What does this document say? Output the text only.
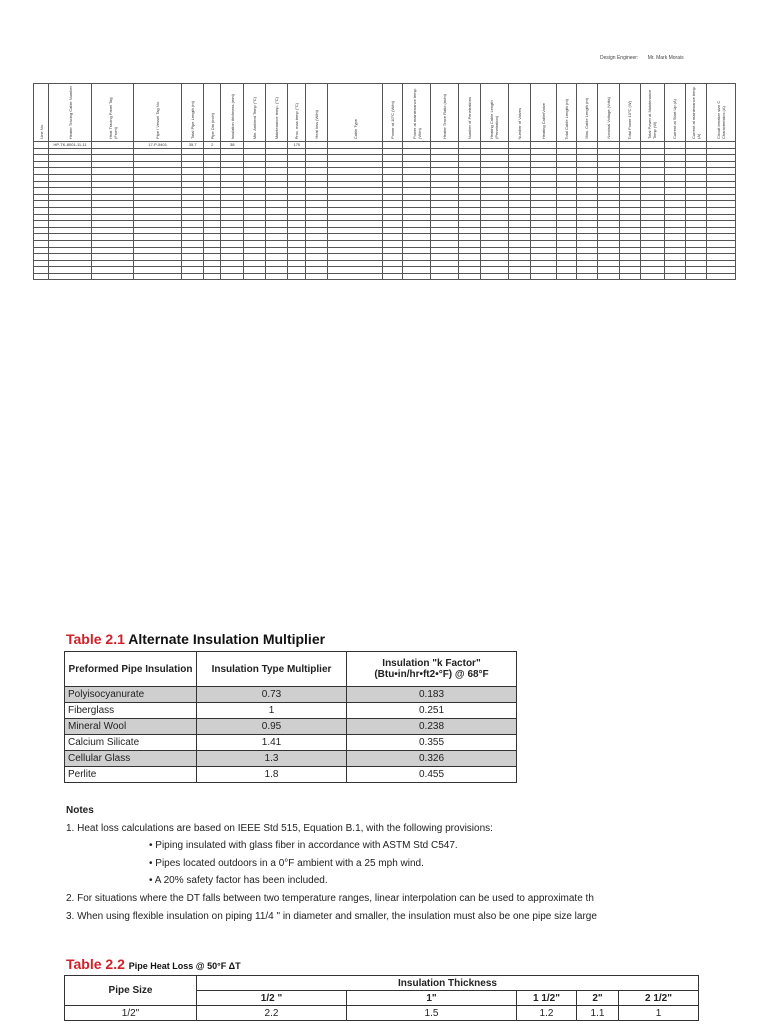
Design Engineer: Mr. Mark Morais
Line No.	Heater Tracing Cable Number	Heat Tracing Panel Tag (From)	Pipe / Vessel Tag No.	Total Pipe Length (m)	Pipe Dia (inch)	Insulation thickness (mm)	Min. Ambient Temp (°C)	Maintenance temp. (°C)	Proc. max temp (°C)	Heat loss (W/m)	Cable Type	Power at 10°C (W/m)	Power at maintenance temp. (W/m)	Heater Trace Ratio (m/m)	Number of Penetrations	Heating Cable Length (Penetration)	Number of Valves	Heating Cable/Valve	Total Cable Length (m)	Max. Cable Length (m)	Nominal Voltage (Volts)	Total Power 10°C (W)	Total Power at Maintenance Temp (W)	Current at Start Up (A)	Current at maintenance temp. (A)	Circuit breaker size C Characteristics (A)
	HP-TK-8001-11-11		17-P-5401	35.7	2	38			170																	

Table 2.1 Alternate Insulation Multiplier
Preformed Pipe Insulation	Insulation Type Multiplier	Insulation "k Factor" (Btu•in/hr•ft2•°F) @ 68°F
Polyisocyanurate	0.73	0.183
Fiberglass	1	0.251
Mineral Wool	0.95	0.238
Calcium Silicate	1.41	0.355
Cellular Glass	1.3	0.326
Perlite	1.8	0.455
Notes
1. Heat loss calculations are based on IEEE Std 515, Equation B.1, with the following provisions:
• Piping insulated with glass fiber in accordance with ASTM Std C547.
• Pipes located outdoors in a 0°F ambient with a 25 mph wind.
• A 20% safety factor has been included.
2. For situations where the DT falls between two temperature ranges, linear interpolation can be used to approximate th
3. When using flexible insulation on piping 11/4 " in diameter and smaller, the insulation must also be one pipe size large
Table 2.2 Pipe Heat Loss @ 50°F ΔT
Pipe Size	Insulation Thickness				
	1/2 "	1"	1 1/2"	2"	2 1/2"
1/2"	2.2	1.5	1.2	1.1	1
